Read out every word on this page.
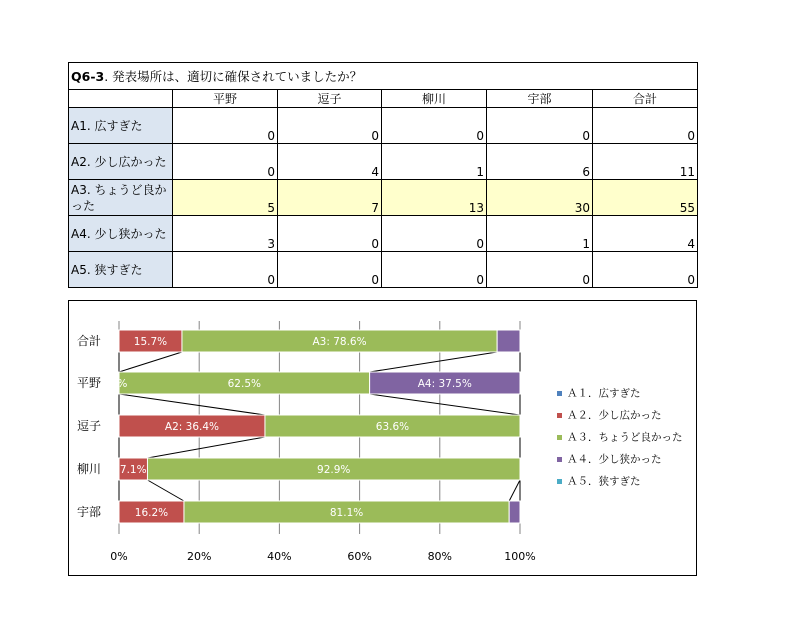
Q6-3. 発表場所は、適切に確保されていましたか？					
	平野	逗子	柳川	宇部	合計
A1. 広すぎた	0	0	0	0	0
A2. 少し広かった	0	4	1	6	11
A3. ちょうど良かった	5	7	13	30	55
A4. 少し狭かった	3	0	0	1	4
A5. 狭すぎた	0	0	0	0	0
0%	20%	40%	60%	80%	100%
合計
平野
逗子
柳川
宇部
15.7%	A3: 78.6%
0%	62.5%	A4: 37.5%
A2: 36.4%	63.6%
7.1%	92.9%
16.2%	81.1%
Ａ１．広すぎた
Ａ２．少し広かった
Ａ３．ちょうど良かった
Ａ４．少し狭かった
Ａ５．狭すぎた
